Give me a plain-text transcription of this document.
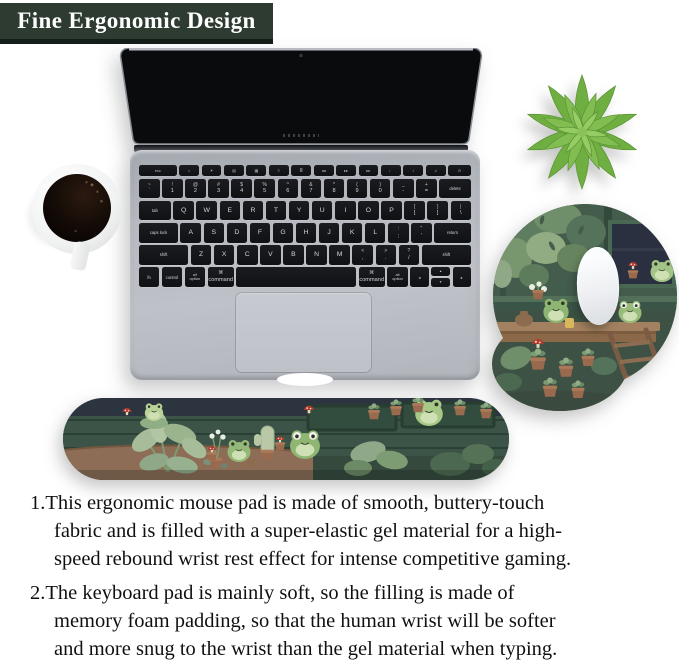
Fine Ergonomic Design
esc	☼	☀	▤	▦	≡	≣	◂◂	▸▸	▸▸	♩	♪	♫	⊙
~
`
!
1
@
2
#
3
$
4
%
5
^
6
&
7
*
8
(
9
)
0
_
-
+
=	delete
tab	Q	W	E	R	T	Y	U	I	O	P
{
[
}
]
|
\
caps lock	A	S	D	F	G	H	J	K	L
:
;
"
'	return
shift	Z	X	C	V	B	N	M
<
,
>
.
?
/	shift
fn	control
alt
option
⌘
command
⌘
command
alt
option	◂
▴
▾
▸
1.This ergonomic mouse pad is made of smooth, buttery-touch
fabric and is filled with a super-elastic gel material for a high-
speed rebound wrist rest effect for intense competitive gaming.
2.The keyboard pad is mainly soft, so the filling is made of
memory foam padding, so that the human wrist will be softer
and more snug to the wrist than the gel material when typing.
